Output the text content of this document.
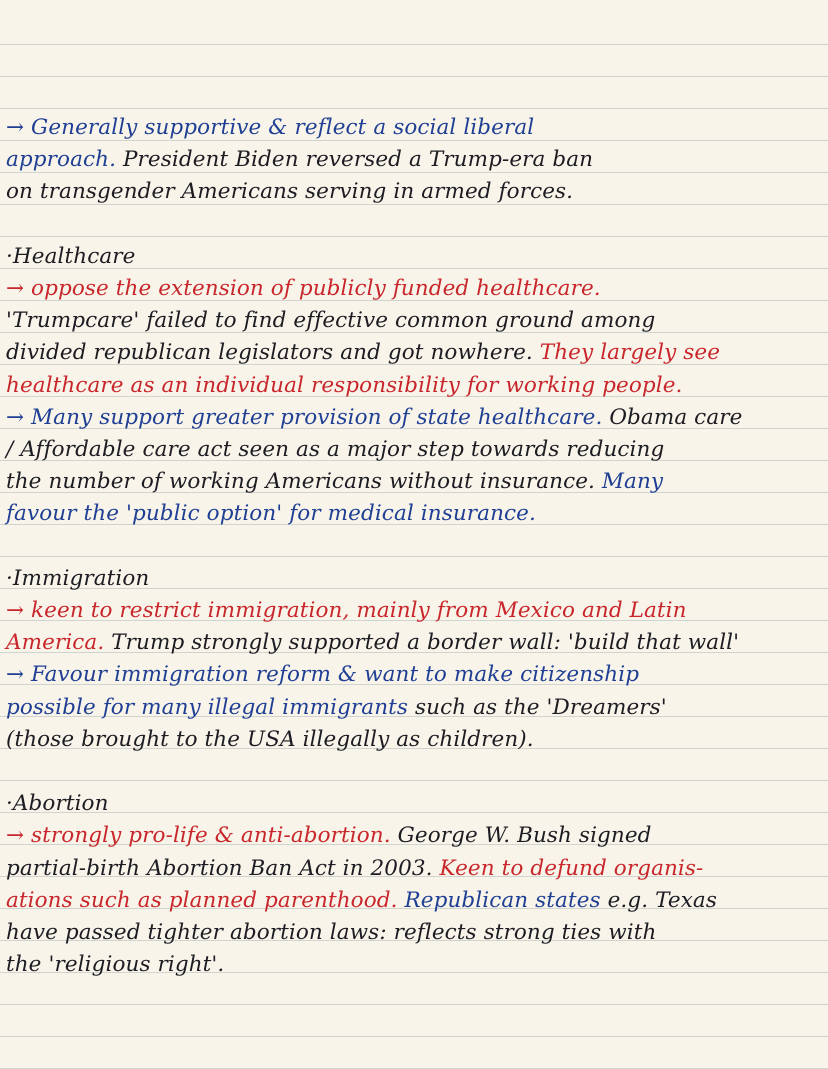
→ Generally supportive & reflect a social liberal
approach. President Biden reversed a Trump-era ban
on transgender Americans serving in armed forces.
·Healthcare
→ oppose the extension of publicly funded healthcare.
'Trumpcare' failed to find effective common ground among
divided republican legislators and got nowhere. They largely see
healthcare as an individual responsibility for working people.
→ Many support greater provision of state healthcare. Obama care
/ Affordable care act seen as a major step towards reducing
the number of working Americans without insurance. Many
favour the 'public option' for medical insurance.
·Immigration
→ keen to restrict immigration, mainly from Mexico and Latin
America. Trump strongly supported a border wall: 'build that wall'
→ Favour immigration reform & want to make citizenship
possible for many illegal immigrants such as the 'Dreamers'
(those brought to the USA illegally as children).
·Abortion
→ strongly pro-life & anti-abortion. George W. Bush signed
partial-birth Abortion Ban Act in 2003. Keen to defund organis-
ations such as planned parenthood. Republican states e.g. Texas
have passed tighter abortion laws: reflects strong ties with
the 'religious right'.
